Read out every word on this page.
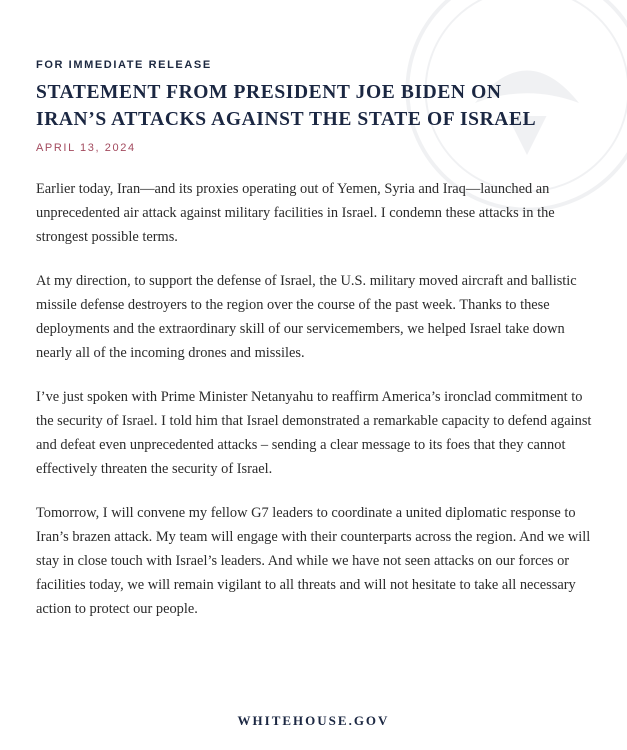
FOR IMMEDIATE RELEASE
STATEMENT FROM PRESIDENT JOE BIDEN ON
IRAN’S ATTACKS AGAINST THE STATE OF ISRAEL
APRIL 13, 2024

Earlier today, Iran—and its proxies operating out of Yemen, Syria and Iraq—launched an unprecedented air attack against military facilities in Israel. I condemn these attacks in the strongest possible terms.

At my direction, to support the defense of Israel, the U.S. military moved aircraft and ballistic missile defense destroyers to the region over the course of the past week. Thanks to these deployments and the extraordinary skill of our servicemembers, we helped Israel take down nearly all of the incoming drones and missiles.

I’ve just spoken with Prime Minister Netanyahu to reaffirm America’s ironclad commitment to the security of Israel. I told him that Israel demonstrated a remarkable capacity to defend against and defeat even unprecedented attacks – sending a clear message to its foes that they cannot effectively threaten the security of Israel.

Tomorrow, I will convene my fellow G7 leaders to coordinate a united diplomatic response to Iran’s brazen attack. My team will engage with their counterparts across the region. And we will stay in close touch with Israel’s leaders. And while we have not seen attacks on our forces or facilities today, we will remain vigilant to all threats and will not hesitate to take all necessary action to protect our people.

WHITEHOUSE.GOV
